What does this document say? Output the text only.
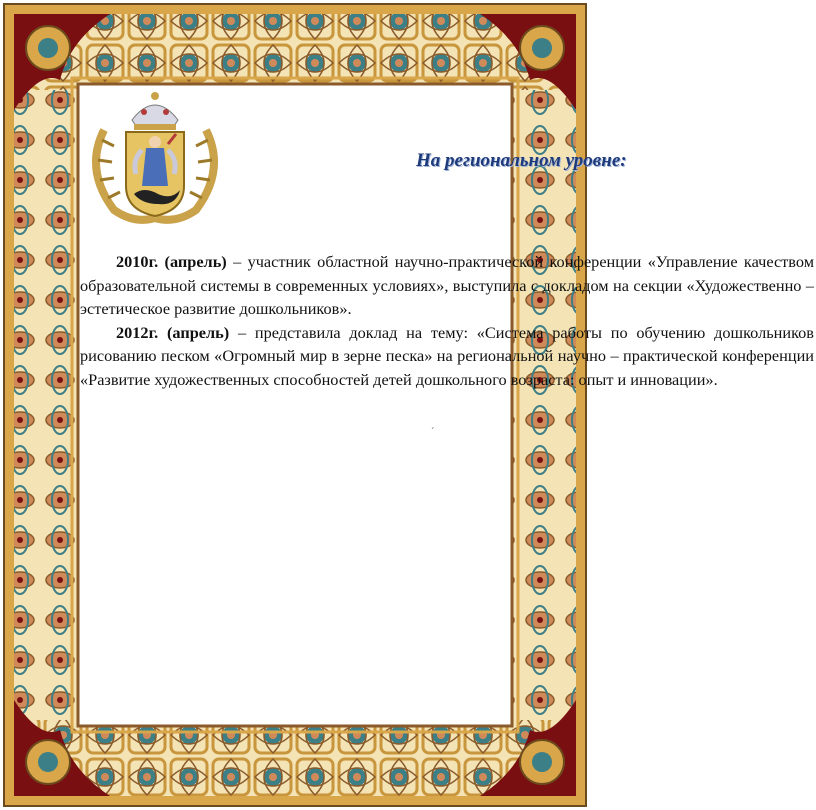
На региональном уровне:

2010г. (апрель) – участник областной научно-практической конференции «Управление качеством образовательной системы в современных условиях», выступила с докладом на секции «Художественно – эстетическое развитие дошкольников».

2012г. (апрель) – представила доклад на тему: «Система работы по обучению дошкольников рисованию песком «Огромный мир в зерне песка» на региональной научно – практической конференции «Развитие художественных способностей детей дошкольного возраста: опыт и инновации».

ˊ
